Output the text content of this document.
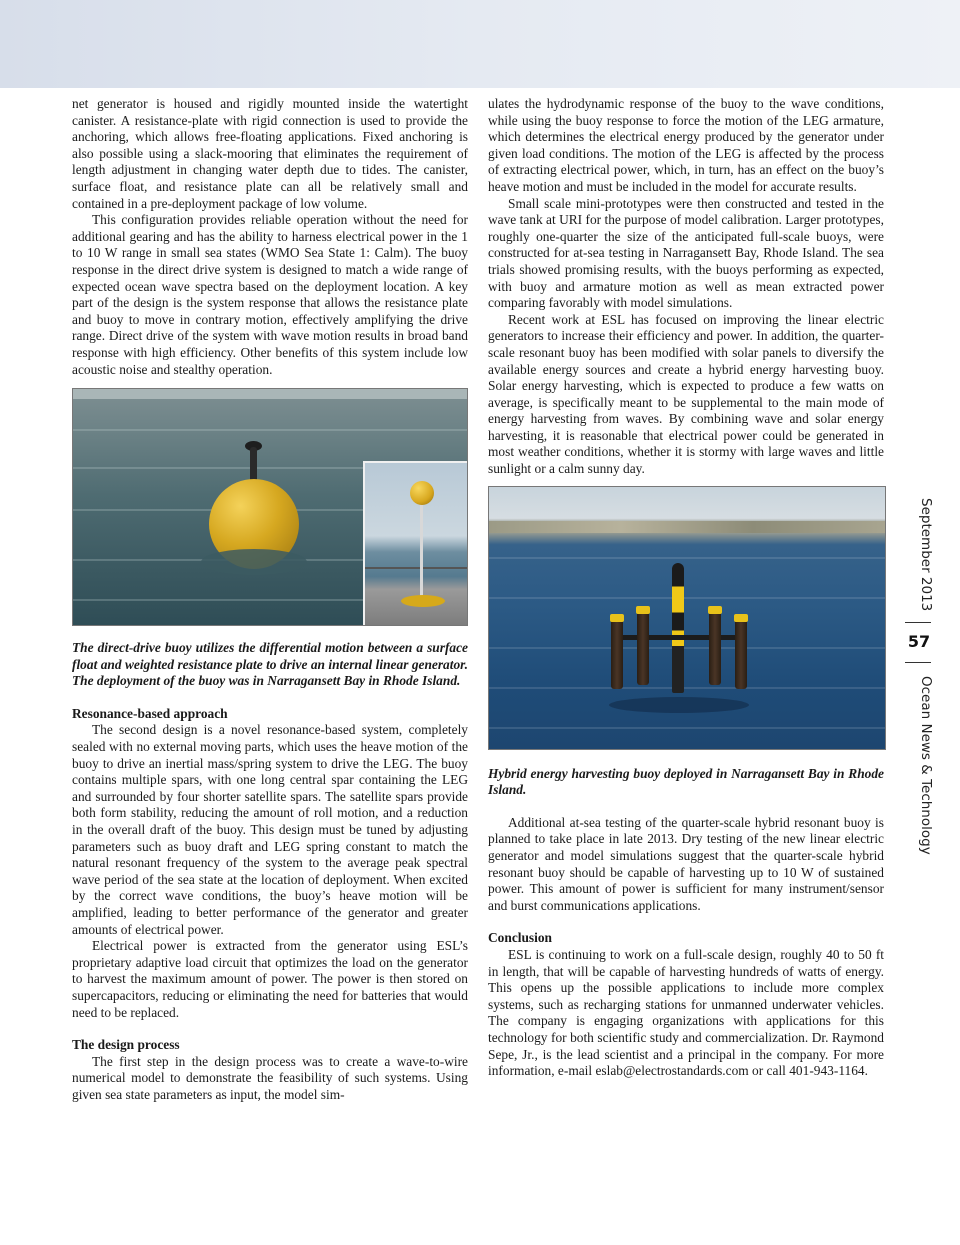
net generator is housed and rigidly mounted inside the watertight canister. A resistance-plate with rigid connection is used to provide the anchoring, which allows free-floating applications. Fixed anchoring is also possible using a slack-mooring that eliminates the requirement of length adjustment in changing water depth due to tides. The canister, surface float, and resistance plate can all be relatively small and contained in a pre-deployment package of low volume.

This configuration provides reliable operation without the need for additional gearing and has the ability to harness electrical power in the 1 to 10 W range in small sea states (WMO Sea State 1: Calm). The buoy response in the direct drive system is designed to match a wide range of expected ocean wave spectra based on the deployment location. A key part of the design is the system response that allows the resistance plate and buoy to move in contrary motion, effectively amplifying the drive range. Direct drive of the system with wave motion results in broad band response with high efficiency. Other benefits of this system include low acoustic noise and stealthy operation.

The direct-drive buoy utilizes the differential motion between a surface float and weighted resistance plate to drive an internal linear generator. The deployment of the buoy was in Narragansett Bay in Rhode Island.

Resonance-based approach

The second design is a novel resonance-based system, completely sealed with no external moving parts, which uses the heave motion of the buoy to drive an inertial mass/spring system to drive the LEG. The buoy contains multiple spars, with one long central spar containing the LEG and surrounded by four shorter satellite spars. The satellite spars provide both form stability, reducing the amount of roll motion, and a reduction in the overall draft of the buoy. This design must be tuned by adjusting parameters such as buoy draft and LEG spring constant to match the natural resonant frequency of the system to the average peak spectral wave period of the sea state at the location of deployment. When excited by the correct wave conditions, the buoy’s heave motion will be amplified, leading to better performance of the generator and greater amounts of electrical power.

Electrical power is extracted from the generator using ESL’s proprietary adaptive load circuit that optimizes the load on the generator to harvest the maximum amount of power. The power is then stored on supercapacitors, reducing or eliminating the need for batteries that would need to be replaced.

The design process

The first step in the design process was to create a wave-to-wire numerical model to demonstrate the feasibility of such systems. Using given sea state parameters as input, the model sim-

ulates the hydrodynamic response of the buoy to the wave conditions, while using the buoy response to force the motion of the LEG armature, which determines the electrical energy produced by the generator under given load conditions. The motion of the LEG is affected by the process of extracting electrical power, which, in turn, has an effect on the buoy’s heave motion and must be included in the model for accurate results.

Small scale mini-prototypes were then constructed and tested in the wave tank at URI for the purpose of model calibration. Larger prototypes, roughly one-quarter the size of the anticipated full-scale buoys, were constructed for at-sea testing in Narragansett Bay, Rhode Island. The sea trials showed promising results, with the buoys performing as expected, with buoy and armature motion as well as mean extracted power comparing favorably with model simulations.

Recent work at ESL has focused on improving the linear electric generators to increase their efficiency and power. In addition, the quarter-scale resonant buoy has been modified with solar panels to diversify the available energy sources and create a hybrid energy harvesting buoy. Solar energy harvesting, which is expected to produce a few watts on average, is specifically meant to be supplemental to the main mode of energy harvesting from waves. By combining wave and solar energy harvesting, it is reasonable that electrical power could be generated in most weather conditions, whether it is stormy with large waves and little sunlight or a calm sunny day.

Hybrid energy harvesting buoy deployed in Narragansett Bay in Rhode Island.

Additional at-sea testing of the quarter-scale hybrid resonant buoy is planned to take place in late 2013. Dry testing of the new linear electric generator and model simulations suggest that the quarter-scale hybrid resonant buoy should be capable of harvesting up to 10 W of sustained power. This amount of power is sufficient for many instrument/sensor and burst communications applications.

Conclusion

ESL is continuing to work on a full-scale design, roughly 40 to 50 ft in length, that will be capable of harvesting hundreds of watts of energy. This opens up the possible applications to include more complex systems, such as recharging stations for unmanned underwater vehicles. The company is engaging organizations with applications for this technology for both scientific study and commercialization. Dr. Raymond Sepe, Jr., is the lead scientist and a principal in the company. For more information, e-mail eslab@electrostandards.com or call 401-943-1164.

September 2013
57
Ocean News & Technology
